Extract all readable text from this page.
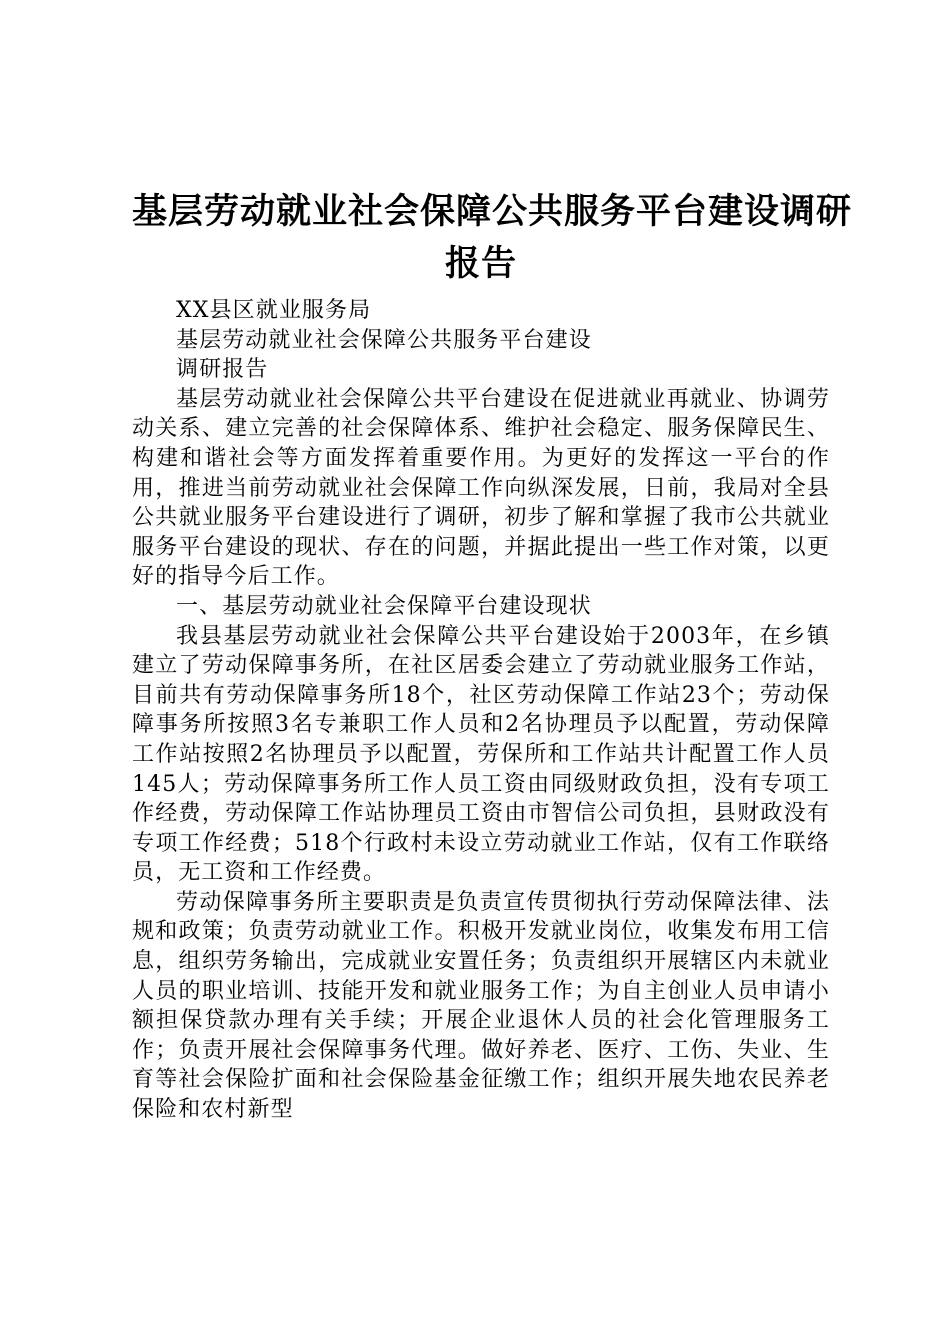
基层劳动就业社会保障公共服务平台建设调研
报告

XX县区就业服务局

基层劳动就业社会保障公共服务平台建设

调研报告

基层劳动就业社会保障公共平台建设在促进就业再就业、协调劳动关系、建立完善的社会保障体系、维护社会稳定、服务保障民生、构建和谐社会等方面发挥着重要作用。为更好的发挥这一平台的作用，推进当前劳动就业社会保障工作向纵深发展，日前，我局对全县公共就业服务平台建设进行了调研，初步了解和掌握了我市公共就业服务平台建设的现状、存在的问题，并据此提出一些工作对策，以更好的指导今后工作。

一、基层劳动就业社会保障平台建设现状

我县基层劳动就业社会保障公共平台建设始于2003年，在乡镇建立了劳动保障事务所，在社区居委会建立了劳动就业服务工作站，目前共有劳动保障事务所18个，社区劳动保障工作站23个；劳动保障事务所按照3名专兼职工作人员和2名协理员予以配置，劳动保障工作站按照2名协理员予以配置，劳保所和工作站共计配置工作人员145人；劳动保障事务所工作人员工资由同级财政负担，没有专项工作经费，劳动保障工作站协理员工资由市智信公司负担，县财政没有专项工作经费；518个行政村未设立劳动就业工作站，仅有工作联络员，无工资和工作经费。

劳动保障事务所主要职责是负责宣传贯彻执行劳动保障法律、法规和政策；负责劳动就业工作。积极开发就业岗位，收集发布用工信息，组织劳务输出，完成就业安置任务；负责组织开展辖区内未就业人员的职业培训、技能开发和就业服务工作；为自主创业人员申请小额担保贷款办理有关手续；开展企业退休人员的社会化管理服务工作；负责开展社会保障事务代理。做好养老、医疗、工伤、失业、生育等社会保险扩面和社会保险基金征缴工作；组织开展失地农民养老保险和农村新型
